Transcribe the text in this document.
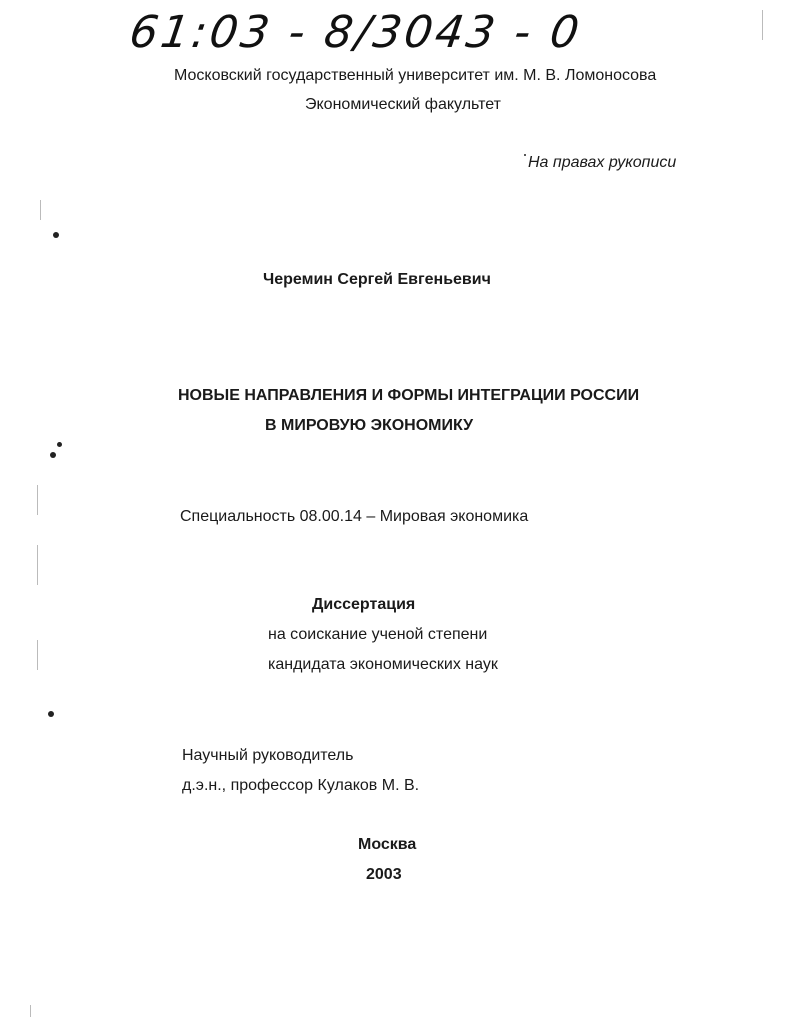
61:03 - 8/3043 - 0
Московский государственный университет им. М. В. Ломоносова
Экономический факультет
На правах рукописи
Черемин Сергей Евгеньевич
НОВЫЕ НАПРАВЛЕНИЯ И ФОРМЫ ИНТЕГРАЦИИ РОССИИ
В МИРОВУЮ ЭКОНОМИКУ
Специальность 08.00.14 – Мировая экономика
Диссертация
на соискание ученой степени
кандидата экономических наук
Научный руководитель
д.э.н., профессор Кулаков М. В.
Москва
2003
